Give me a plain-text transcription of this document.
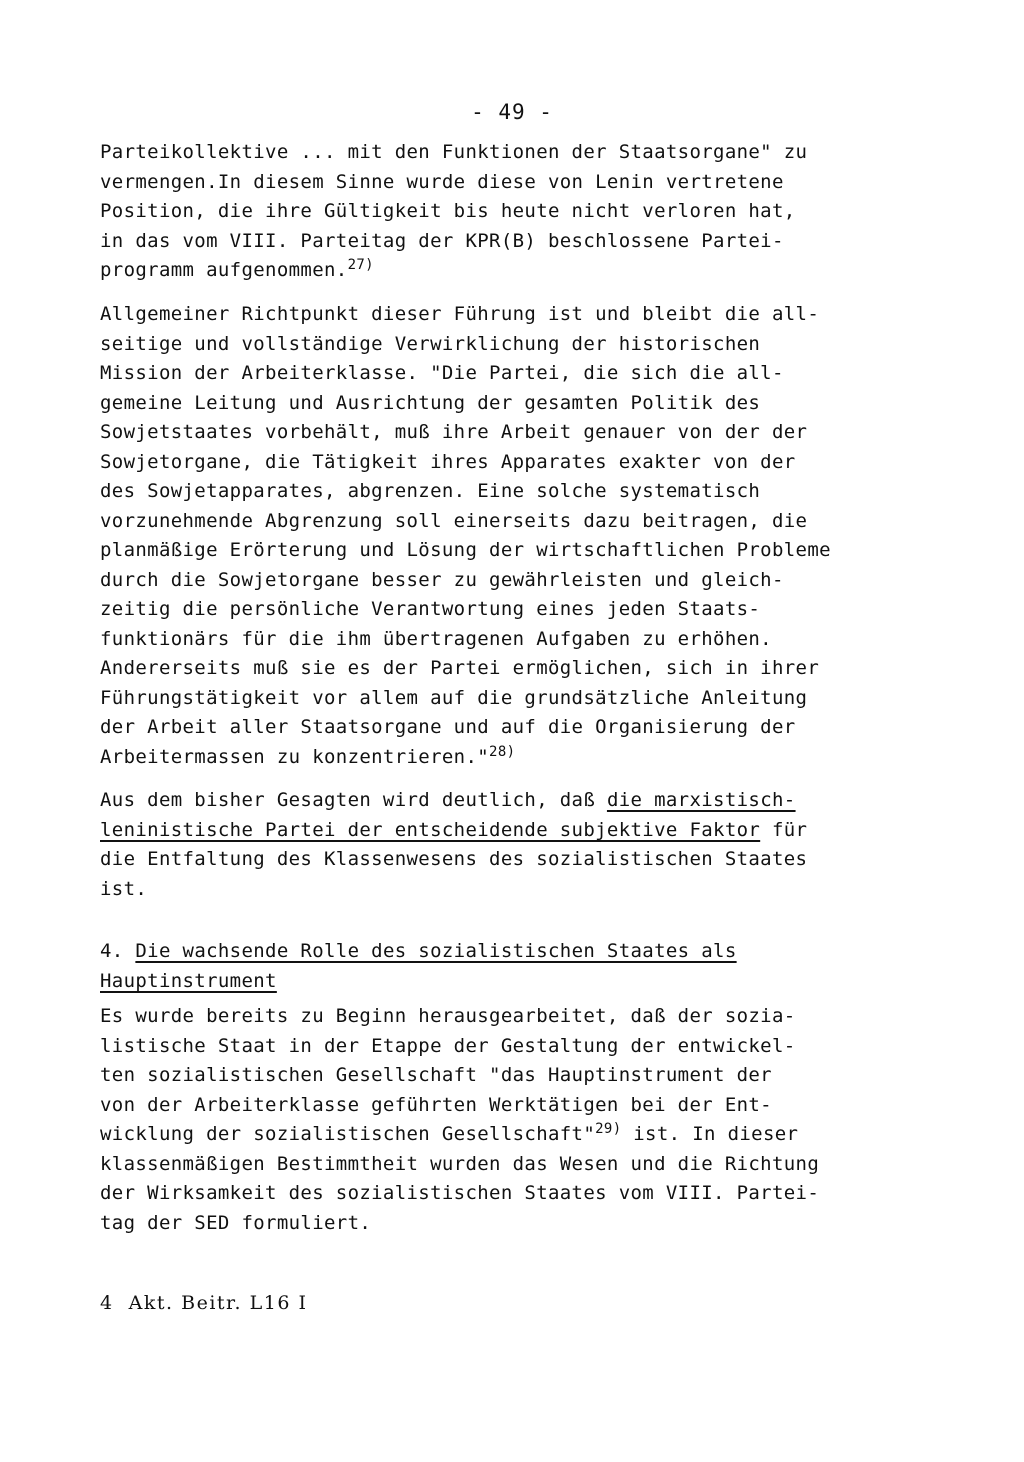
- 49 -
Parteikollektive ... mit den Funktionen der Staatsorgane" zu
vermengen.In diesem Sinne wurde diese von Lenin vertretene
Position, die ihre Gültigkeit bis heute nicht verloren hat,
in das vom VIII. Parteitag der KPR(B) beschlossene Partei-
programm aufgenommen.$^{27)}$
Allgemeiner Richtpunkt dieser Führung ist und bleibt die all-
seitige und vollständige Verwirklichung der historischen
Mission der Arbeiterklasse. "Die Partei, die sich die all-
gemeine Leitung und Ausrichtung der gesamten Politik des
Sowjetstaates vorbehält, muß ihre Arbeit genauer von der der
Sowjetorgane, die Tätigkeit ihres Apparates exakter von der
des Sowjetapparates, abgrenzen. Eine solche systematisch
vorzunehmende Abgrenzung soll einerseits dazu beitragen, die
planmäßige Erörterung und Lösung der wirtschaftlichen Probleme
durch die Sowjetorgane besser zu gewährleisten und gleich-
zeitig die persönliche Verantwortung eines jeden Staats-
funktionärs für die ihm übertragenen Aufgaben zu erhöhen.
Andererseits muß sie es der Partei ermöglichen, sich in ihrer
Führungstätigkeit vor allem auf die grundsätzliche Anleitung
der Arbeit aller Staatsorgane und auf die Organisierung der
Arbeitermassen zu konzentrieren."$^{28)}$
Aus dem bisher Gesagten wird deutlich, daß die marxistisch-
leninistische Partei der entscheidende subjektive Faktor für
die Entfaltung des Klassenwesens des sozialistischen Staates
ist.
4. Die wachsende Rolle des sozialistischen Staates als
Hauptinstrument
Es wurde bereits zu Beginn herausgearbeitet, daß der sozia-
listische Staat in der Etappe der Gestaltung der entwickel-
ten sozialistischen Gesellschaft "das Hauptinstrument der
von der Arbeiterklasse geführten Werktätigen bei der Ent-
wicklung der sozialistischen Gesellschaft"$^{29)}$ ist. In dieser
klassenmäßigen Bestimmtheit wurden das Wesen und die Richtung
der Wirksamkeit des sozialistischen Staates vom VIII. Partei-
tag der SED formuliert.
4  Akt. Beitr. L16 I
